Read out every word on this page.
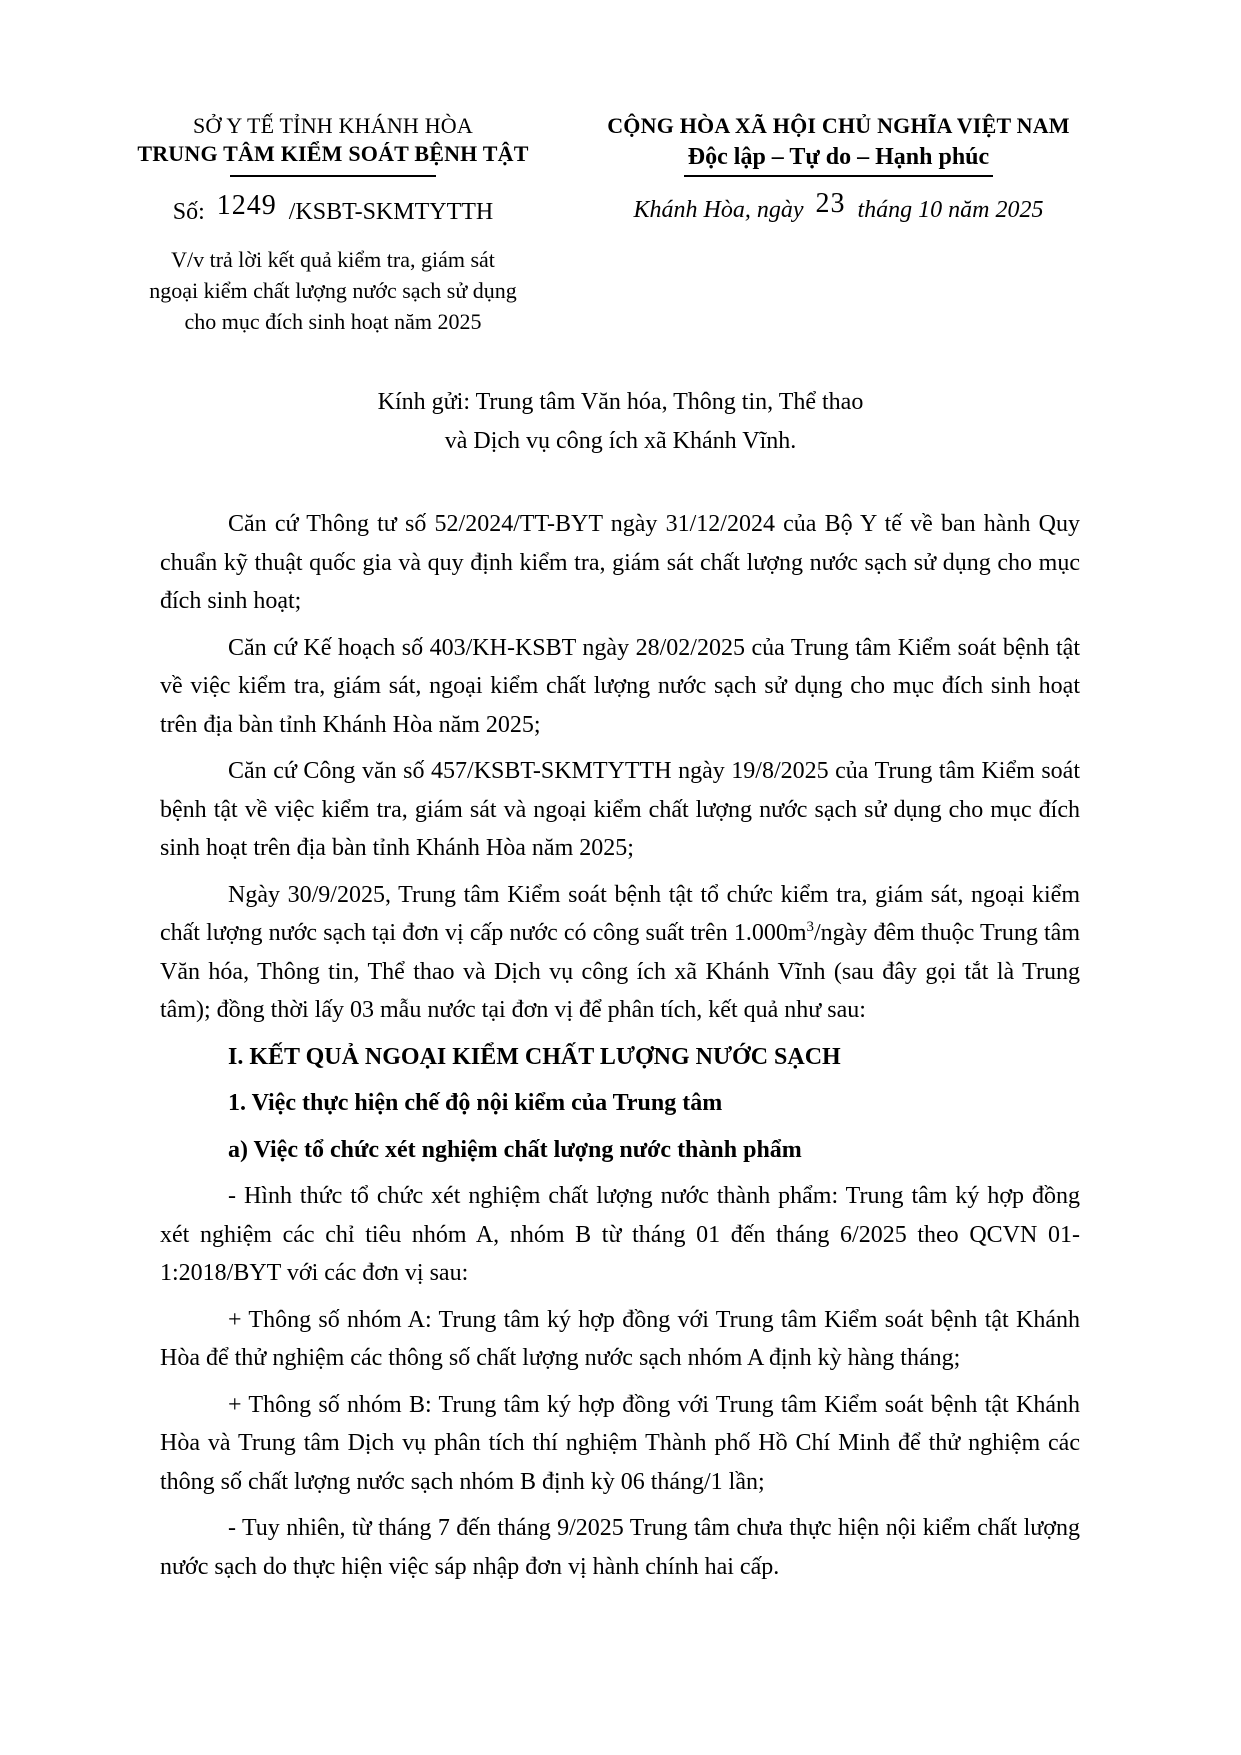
SỞ Y TẾ TỈNH KHÁNH HÒA
TRUNG TÂM KIỂM SOÁT BỆNH TẬT
Số: 1249 /KSBT-SKMTYTTH
V/v trả lời kết quả kiểm tra, giám sát
ngoại kiểm chất lượng nước sạch sử dụng
cho mục đích sinh hoạt năm 2025
CỘNG HÒA XÃ HỘI CHỦ NGHĨA VIỆT NAM
Độc lập – Tự do – Hạnh phúc
Khánh Hòa, ngày 23 tháng 10 năm 2025
Kính gửi: Trung tâm Văn hóa, Thông tin, Thể thao
và Dịch vụ công ích xã Khánh Vĩnh.

Căn cứ Thông tư số 52/2024/TT-BYT ngày 31/12/2024 của Bộ Y tế về ban hành Quy chuẩn kỹ thuật quốc gia và quy định kiểm tra, giám sát chất lượng nước sạch sử dụng cho mục đích sinh hoạt;

Căn cứ Kế hoạch số 403/KH-KSBT ngày 28/02/2025 của Trung tâm Kiểm soát bệnh tật về việc kiểm tra, giám sát, ngoại kiểm chất lượng nước sạch sử dụng cho mục đích sinh hoạt trên địa bàn tỉnh Khánh Hòa năm 2025;

Căn cứ Công văn số 457/KSBT-SKMTYTTH ngày 19/8/2025 của Trung tâm Kiểm soát bệnh tật về việc kiểm tra, giám sát và ngoại kiểm chất lượng nước sạch sử dụng cho mục đích sinh hoạt trên địa bàn tỉnh Khánh Hòa năm 2025;

Ngày 30/9/2025, Trung tâm Kiểm soát bệnh tật tổ chức kiểm tra, giám sát, ngoại kiểm chất lượng nước sạch tại đơn vị cấp nước có công suất trên $1.000m^3$/ngày đêm thuộc Trung tâm Văn hóa, Thông tin, Thể thao và Dịch vụ công ích xã Khánh Vĩnh (sau đây gọi tắt là Trung tâm); đồng thời lấy 03 mẫu nước tại đơn vị để phân tích, kết quả như sau:

I. KẾT QUẢ NGOẠI KIỂM CHẤT LƯỢNG NƯỚC SẠCH

1. Việc thực hiện chế độ nội kiểm của Trung tâm

a) Việc tổ chức xét nghiệm chất lượng nước thành phẩm

- Hình thức tổ chức xét nghiệm chất lượng nước thành phẩm: Trung tâm ký hợp đồng xét nghiệm các chỉ tiêu nhóm A, nhóm B từ tháng 01 đến tháng 6/2025 theo QCVN 01-1:2018/BYT với các đơn vị sau:

+ Thông số nhóm A: Trung tâm ký hợp đồng với Trung tâm Kiểm soát bệnh tật Khánh Hòa để thử nghiệm các thông số chất lượng nước sạch nhóm A định kỳ hàng tháng;

+ Thông số nhóm B: Trung tâm ký hợp đồng với Trung tâm Kiểm soát bệnh tật Khánh Hòa và Trung tâm Dịch vụ phân tích thí nghiệm Thành phố Hồ Chí Minh để thử nghiệm các thông số chất lượng nước sạch nhóm B định kỳ 06 tháng/1 lần;

- Tuy nhiên, từ tháng 7 đến tháng 9/2025 Trung tâm chưa thực hiện nội kiểm chất lượng nước sạch do thực hiện việc sáp nhập đơn vị hành chính hai cấp.
